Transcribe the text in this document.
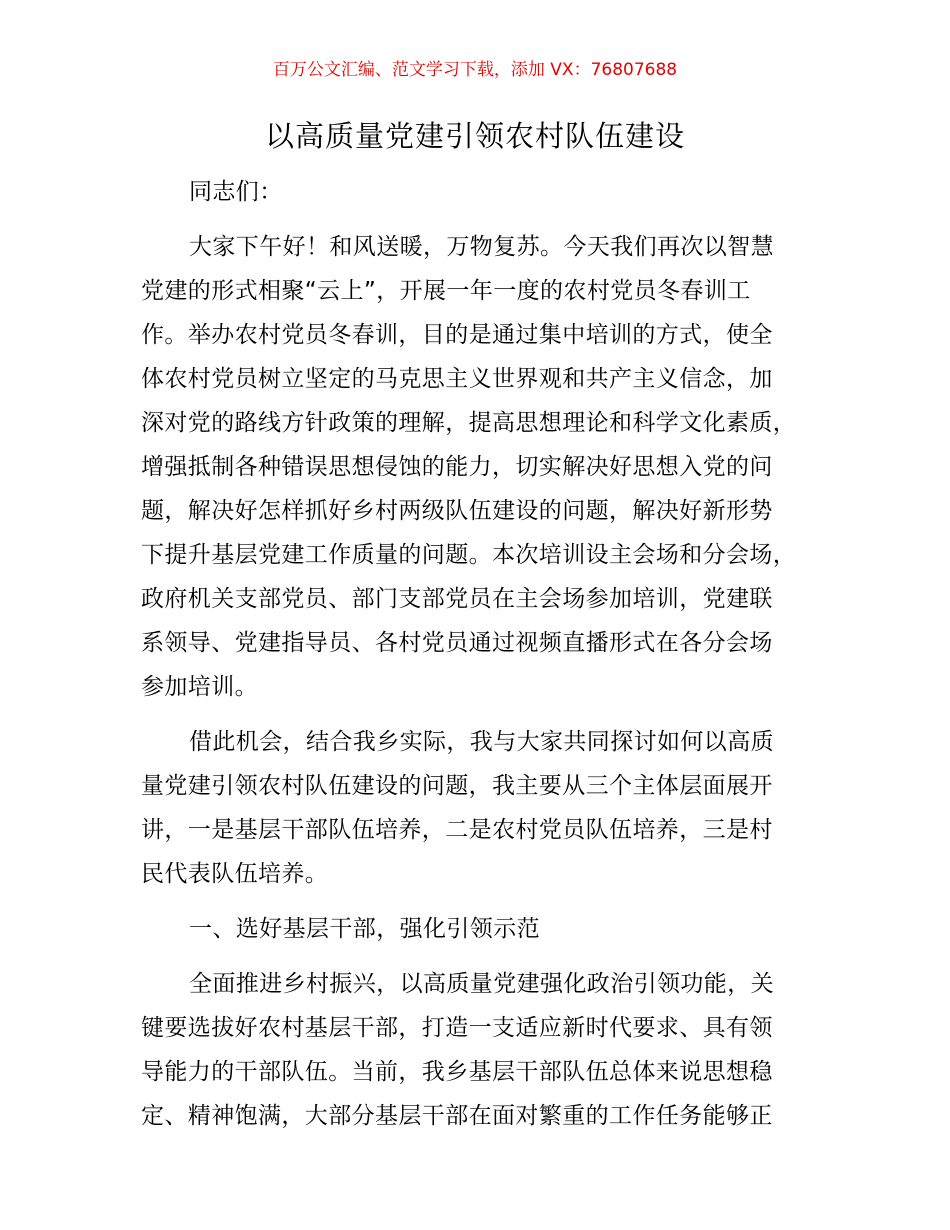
百万公文汇编、范文学习下载，添加 VX：76807688
以高质量党建引领农村队伍建设
同志们：
大家下午好！和风送暖，万物复苏。今天我们再次以智慧
党建的形式相聚“云上”，开展一年一度的农村党员冬春训工
作。举办农村党员冬春训，目的是通过集中培训的方式，使全
体农村党员树立坚定的马克思主义世界观和共产主义信念，加
深对党的路线方针政策的理解，提高思想理论和科学文化素质，
增强抵制各种错误思想侵蚀的能力，切实解决好思想入党的问
题，解决好怎样抓好乡村两级队伍建设的问题，解决好新形势
下提升基层党建工作质量的问题。本次培训设主会场和分会场，
政府机关支部党员、部门支部党员在主会场参加培训，党建联
系领导、党建指导员、各村党员通过视频直播形式在各分会场
参加培训。
借此机会，结合我乡实际，我与大家共同探讨如何以高质
量党建引领农村队伍建设的问题，我主要从三个主体层面展开
讲，一是基层干部队伍培养，二是农村党员队伍培养，三是村
民代表队伍培养。
一、选好基层干部，强化引领示范
全面推进乡村振兴，以高质量党建强化政治引领功能，关
键要选拔好农村基层干部，打造一支适应新时代要求、具有领
导能力的干部队伍。当前，我乡基层干部队伍总体来说思想稳
定、精神饱满，大部分基层干部在面对繁重的工作任务能够正
